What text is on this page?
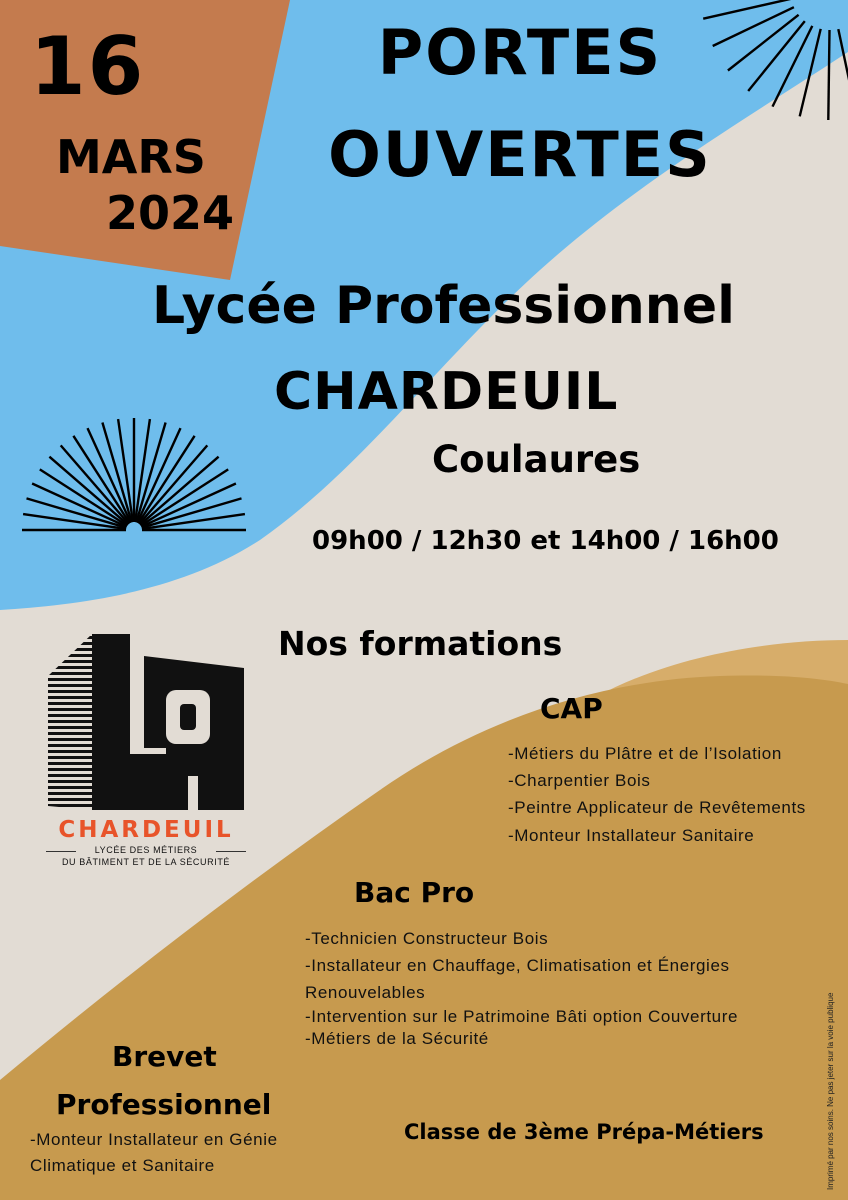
16
MARS
2024
PORTES
OUVERTES
Lycée Professionnel
CHARDEUIL
Coulaures
09h00 / 12h30 et 14h00 / 16h00
Nos formations
CHARDEUIL
LYCÉE DES MÉTIERS
DU BÂTIMENT ET DE LA SÉCURITÉ
CAP
-Métiers du Plâtre et de l’Isolation
-Charpentier Bois
-Peintre Applicateur de Revêtements
-Monteur Installateur Sanitaire
Bac Pro
-Technicien Constructeur Bois
-Installateur en Chauffage, Climatisation et Énergies
Renouvelables
-Intervention sur le Patrimoine Bâti option Couverture
-Métiers de la Sécurité
Brevet
Professionnel
-Monteur Installateur en Génie
Climatique et Sanitaire
Classe de 3ème Prépa-Métiers	Imprimé par nos soins. Ne pas jeter sur la voie publique
